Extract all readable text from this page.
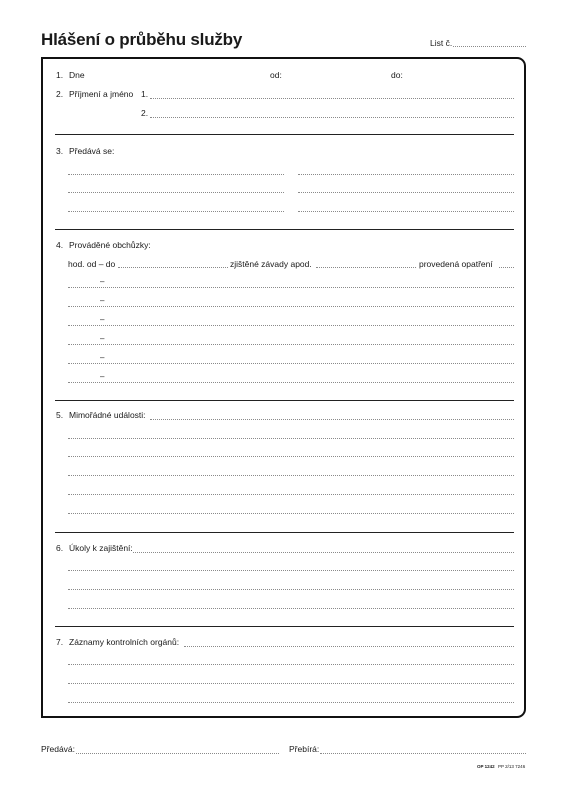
Hlášení o průběhu služby	List č.
1. Dne	od:	do:
2. Příjmení a jméno 1.
2.
3. Předává se:
4. Prováděné obchůzky:
hod. od – do	zjištěné závady apod.	provedená opatření
–
–
–
–
–
–
5. Mimořádné události:
6. Úkoly k zajištění:
7. Záznamy kontrolních orgánů:
Předává:	Přebírá:
OP 1242 PP 2/13 7246
